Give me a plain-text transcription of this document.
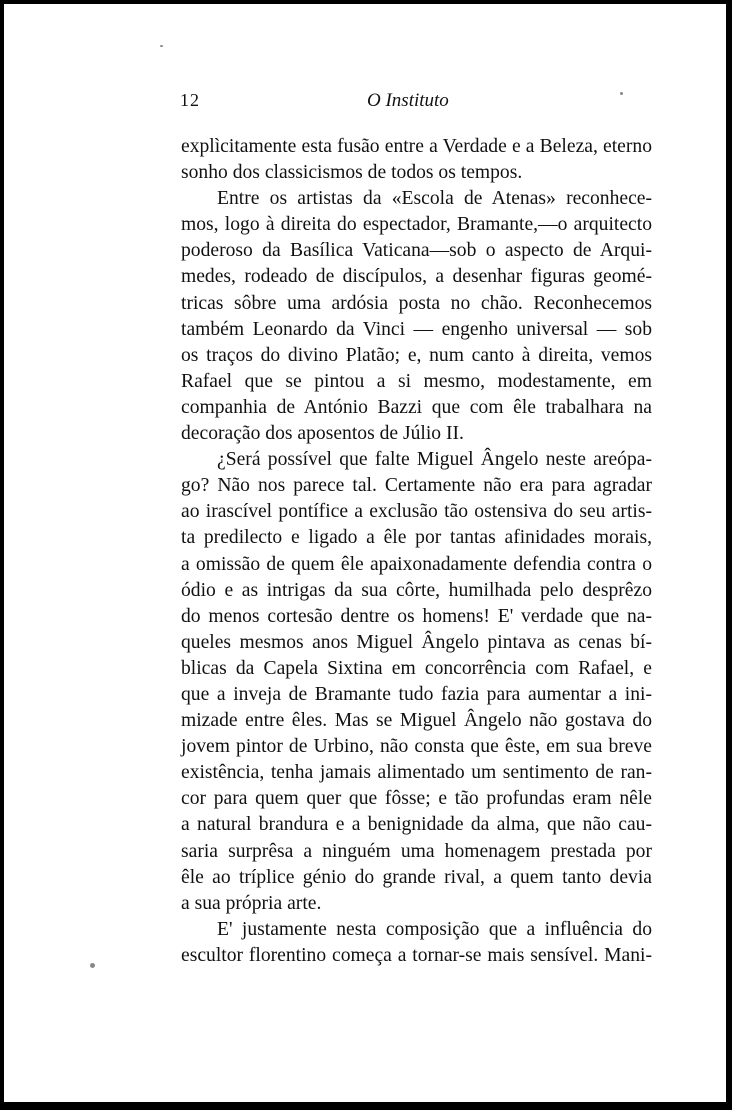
12	O Instituto
explìcitamente esta fusão entre a Verdade e a Beleza, eterno
sonho dos classicismos de todos os tempos.
Entre os artistas da «Escola de Atenas» reconhece-
mos, logo à direita do espectador, Bramante,—o arquitecto
poderoso da Basílica Vaticana—sob o aspecto de Arqui-
medes, rodeado de discípulos, a desenhar figuras geomé-
tricas sôbre uma ardósia posta no chão. Reconhecemos
também Leonardo da Vinci — engenho universal — sob
os traços do divino Platão; e, num canto à direita, vemos
Rafael que se pintou a si mesmo, modestamente, em
companhia de António Bazzi que com êle trabalhara na
decoração dos aposentos de Júlio II.
¿Será possível que falte Miguel Ângelo neste areópa-
go? Não nos parece tal. Certamente não era para agradar
ao irascível pontífice a exclusão tão ostensiva do seu artis-
ta predilecto e ligado a êle por tantas afinidades morais,
a omissão de quem êle apaixonadamente defendia contra o
ódio e as intrigas da sua côrte, humilhada pelo desprêzo
do menos cortesão dentre os homens! E' verdade que na-
queles mesmos anos Miguel Ângelo pintava as cenas bí-
blicas da Capela Sixtina em concorrência com Rafael, e
que a inveja de Bramante tudo fazia para aumentar a ini-
mizade entre êles. Mas se Miguel Ângelo não gostava do
jovem pintor de Urbino, não consta que êste, em sua breve
existência, tenha jamais alimentado um sentimento de ran-
cor para quem quer que fôsse; e tão profundas eram nêle
a natural brandura e a benignidade da alma, que não cau-
saria surprêsa a ninguém uma homenagem prestada por
êle ao tríplice génio do grande rival, a quem tanto devia
a sua própria arte.
E' justamente nesta composição que a influência do
escultor florentino começa a tornar-se mais sensível. Mani-
